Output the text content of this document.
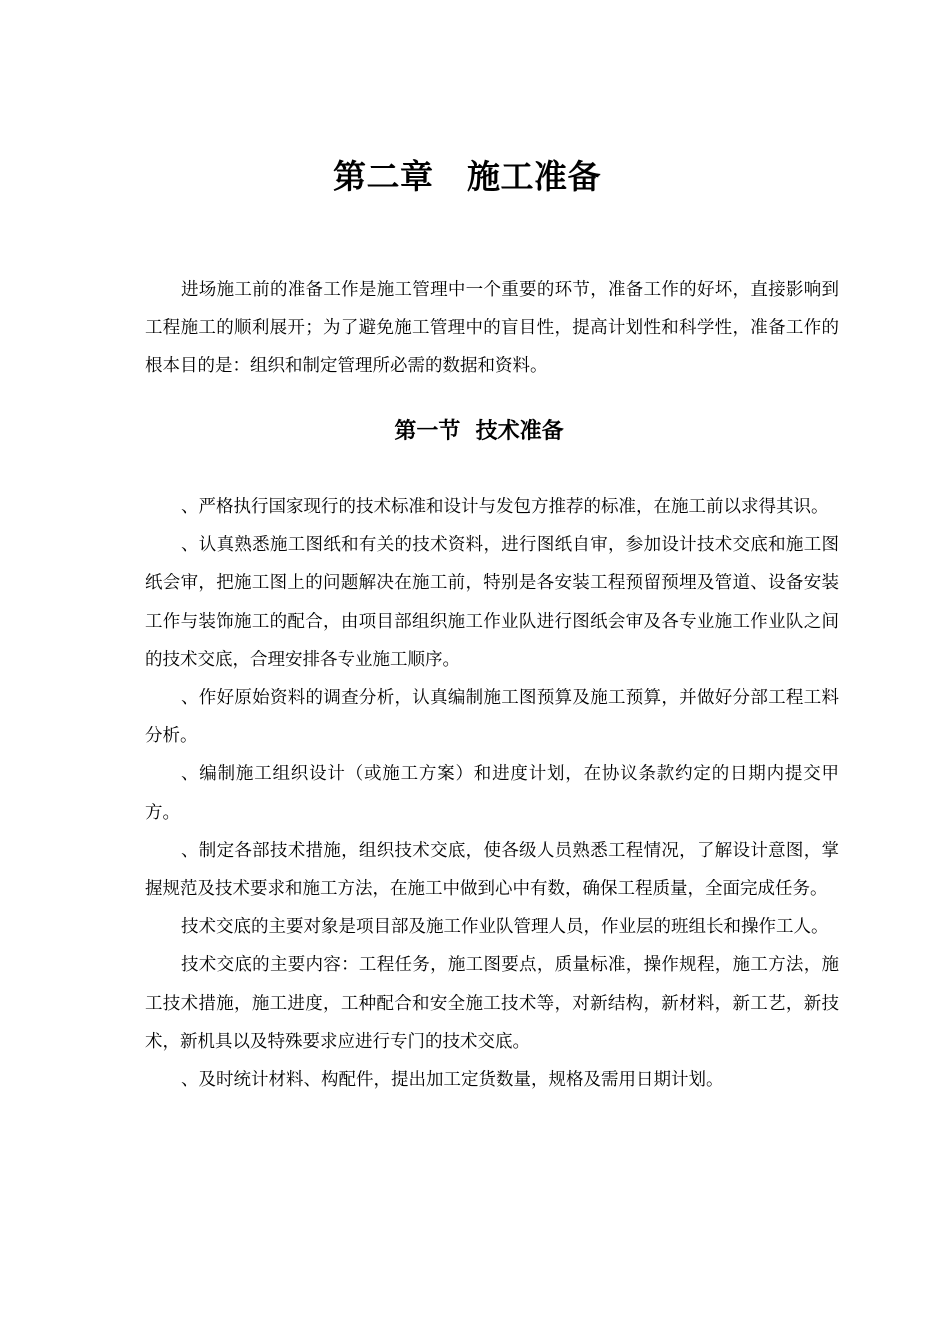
第二章　施工准备

进场施工前的准备工作是施工管理中一个重要的环节，准备工作的好坏，直接影响到工程施工的顺利展开；为了避免施工管理中的盲目性，提高计划性和科学性，准备工作的根本目的是：组织和制定管理所必需的数据和资料。

第一节  技术准备

、严格执行国家现行的技术标准和设计与发包方推荐的标准，在施工前以求得其识。

、认真熟悉施工图纸和有关的技术资料，进行图纸自审，参加设计技术交底和施工图纸会审，把施工图上的问题解决在施工前，特别是各安装工程预留预埋及管道、设备安装工作与装饰施工的配合，由项目部组织施工作业队进行图纸会审及各专业施工作业队之间的技术交底，合理安排各专业施工顺序。

、作好原始资料的调查分析，认真编制施工图预算及施工预算，并做好分部工程工料分析。

、编制施工组织设计（或施工方案）和进度计划，在协议条款约定的日期内提交甲方。

、制定各部技术措施，组织技术交底，使各级人员熟悉工程情况，了解设计意图，掌握规范及技术要求和施工方法，在施工中做到心中有数，确保工程质量，全面完成任务。

技术交底的主要对象是项目部及施工作业队管理人员，作业层的班组长和操作工人。

技术交底的主要内容：工程任务，施工图要点，质量标准，操作规程，施工方法，施工技术措施，施工进度，工种配合和安全施工技术等，对新结构，新材料，新工艺，新技术，新机具以及特殊要求应进行专门的技术交底。

、及时统计材料、构配件，提出加工定货数量，规格及需用日期计划。
